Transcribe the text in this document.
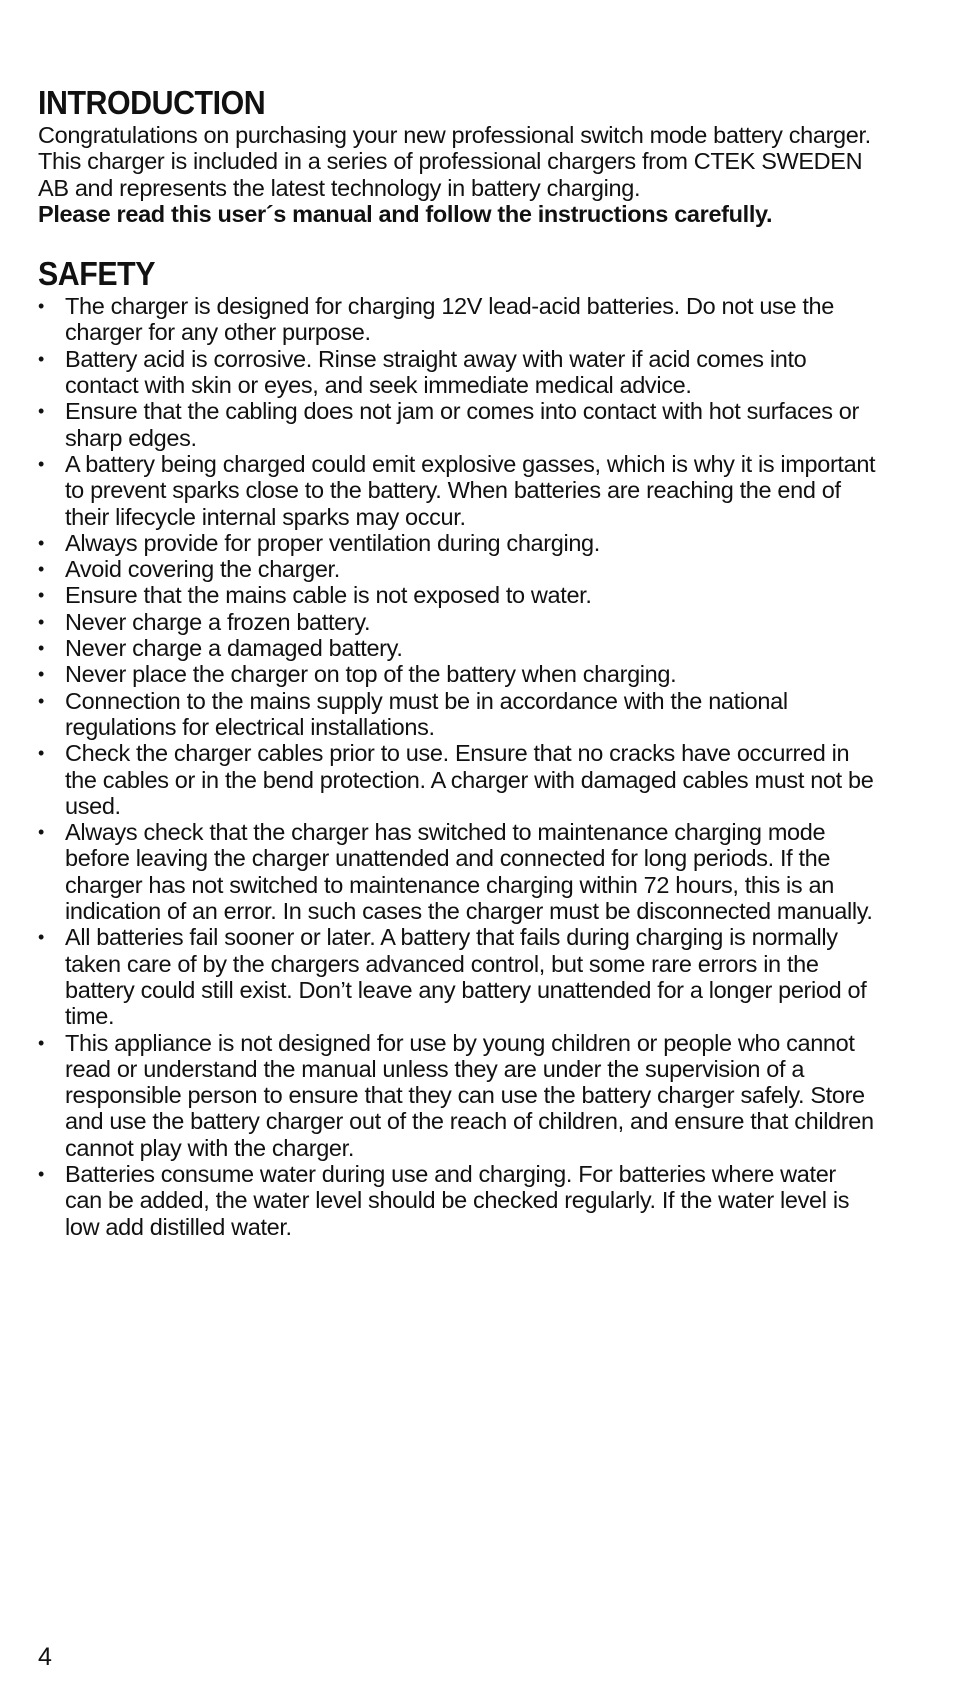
INTRODUCTION

Congratulations on purchasing your new professional switch mode battery charger. This charger is included in a series of professional chargers from CTEK SWEDEN AB and represents the latest technology in battery charging.
Please read this user´s manual and follow the instructions carefully.

SAFETY
• The charger is designed for charging 12V lead-acid batteries. Do not use the charger for any other purpose.
• Battery acid is corrosive. Rinse straight away with water if acid comes into contact with skin or eyes, and seek immediate medical advice.
• Ensure that the cabling does not jam or comes into contact with hot surfaces or sharp edges.
• A battery being charged could emit explosive gasses, which is why it is important to prevent sparks close to the battery. When batteries are reaching the end of their lifecycle internal sparks may occur.
• Always provide for proper ventilation during charging.
• Avoid covering the charger.
• Ensure that the mains cable is not exposed to water.
• Never charge a frozen battery.
• Never charge a damaged battery.
• Never place the charger on top of the battery when charging.
• Connection to the mains supply must be in accordance with the national regulations for electrical installations.
• Check the charger cables prior to use. Ensure that no cracks have occurred in the cables or in the bend protection. A charger with damaged cables must not be used.
• Always check that the charger has switched to maintenance charging mode before leaving the charger unattended and connected for long periods. If the charger has not switched to maintenance charging within 72 hours, this is an indication of an error. In such cases the charger must be disconnected manually.
• All batteries fail sooner or later. A battery that fails during charging is normally taken care of by the chargers advanced control, but some rare errors in the battery could still exist. Don’t leave any battery unattended for a longer period of time.
• This appliance is not designed for use by young children or people who cannot read or understand the manual unless they are under the supervision of a responsible person to ensure that they can use the battery charger safely. Store and use the battery charger out of the reach of children, and ensure that children cannot play with the charger.
• Batteries consume water during use and charging. For batteries where water can be added, the water level should be checked regularly. If the water level is low add distilled water.
4
